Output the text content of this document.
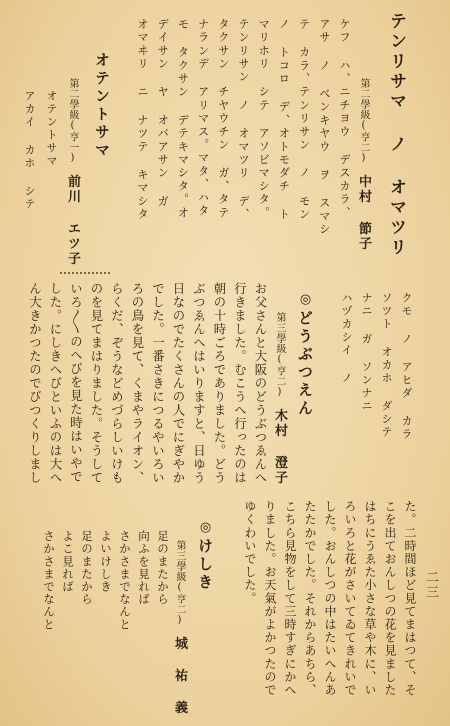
二三
テンリサマ ノ オマツリ
第二學級(亨二)　中村 節子
ケフ ハ、ニチヨウ デスカラ、
アサ ノ ベンキヤウ ヲ スマシ
テ カラ、テンリサン ノ モン
ノ トコロ デ、オトモダチ ト
マリホリ シテ アソビマシタ。
テンリサン ノ オマツリ デ、
タクサン チヤウチン ガ、タテ
ナランデ アリマス。マタ、ハタ
モ タクサン デテキマシタ。オ
デイサン ヤ オバアサン ガ
オマヰリ ニ ナツテ キマシタ
オテントサマ
第二學級(亨一)　前川 エツ子
オテントサマ
アカイ カホ シテ
クモ ノ アヒダ カラ
ソツト オカホ ダシテ
ナニ ガ ソンナニ
ハヅカシイ ノ
◎どうぶつえん
第三學級(亨二)　木村 澄子
お父さんと大阪のどうぶつゑんへ
行きました。むこうへ行ったのは
朝の十時ごろでありました。どう
ぶつゑんへはいりますと、日ゆう
日なのでたくさんの人でにぎやか
でした。一番さきにつるやいろい
ろの鳥を見て、くまやライオン、
らくだ、ぞうなどめづらしいけも
のを見てまはりました。そうして
いろ〳〵のへびを見た時はいやで
した。にしきへびといふのは大へ
ん大きかつたのでびつくりしまし
た。二時間ほど見てまはつて、そ
こを出ておんしつの花を見ました
はちにうゑた小さな草や木に、い
ろいろと花がさいてゐてきれいで
した。おんしつの中はたいへんあ
たたかでした。それからあちら、
こちら見物をして三時すぎにかへ
りました。お天氣がよかつたので
ゆくわいでした。
◎けしき
第三學級(亨二)　城 祐 義
足のまたから
向ふを見れば
さかさまでなんと
よいけしき
足のまたから
よこ見れば
さかさまでなんと
